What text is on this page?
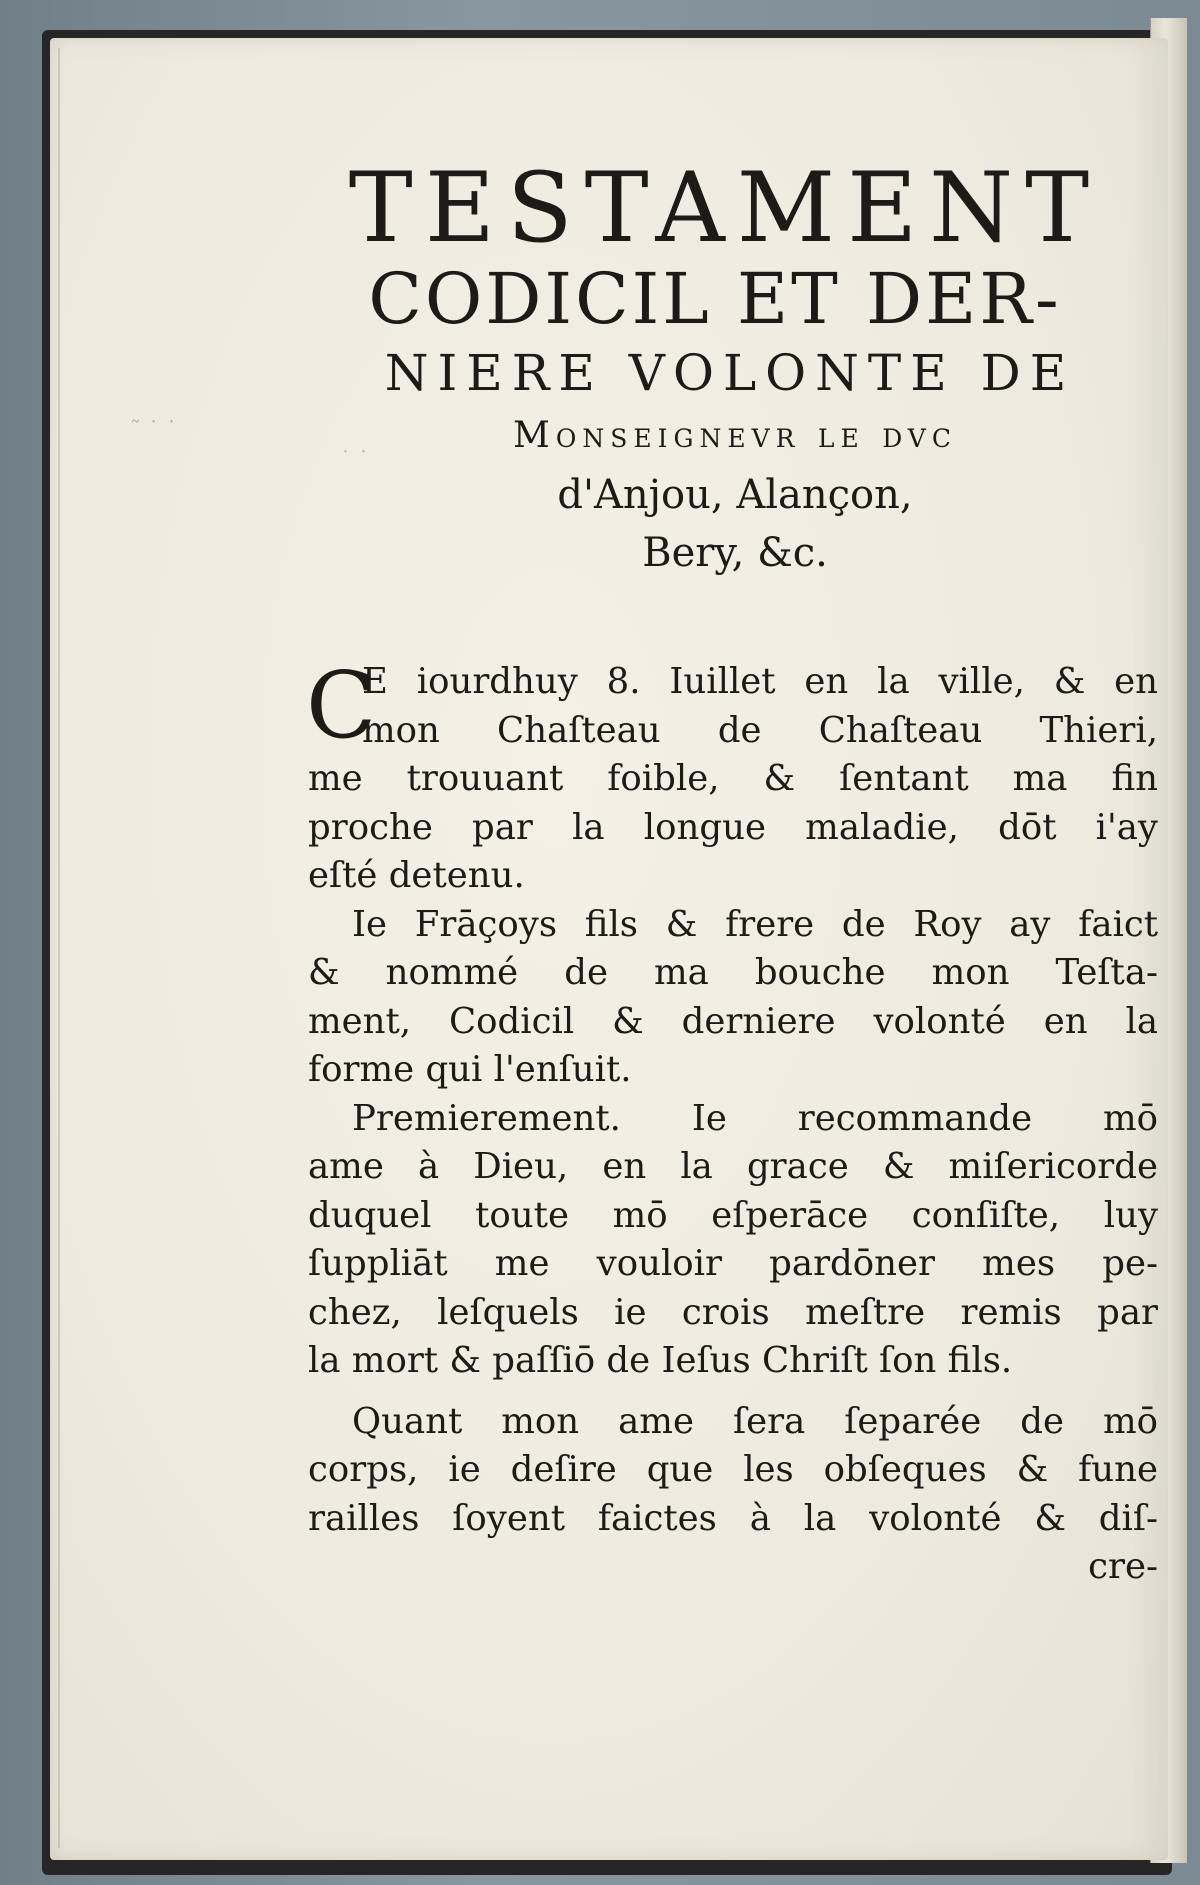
˜ ˙ ˙
˙ ˙
TESTAMENT
CODICIL ET DER-
NIERE VOLONTE DE
Monseignevr le dvc
d'Anjou, Alançon,
Bery, &c.
C
E iourdhuy 8. Iuillet en la ville, & en
mon Chaſteau de Chaſteau Thieri,
me trouuant foible, & ſentant ma fin
proche par la longue maladie, dōt i'ay
eſté detenu.
Ie Frāçoys fils & frere de Roy ay faict
& nommé de ma bouche mon Teſta-
ment, Codicil & derniere volonté en la
forme qui l'enſuit.
Premierement. Ie recommande mō
ame à Dieu, en la grace & miſericorde
duquel toute mō eſperāce conſiſte, luy
ſuppliāt me vouloir pardōner mes pe-
chez, leſquels ie crois meſtre remis par
la mort & paſſiō de Ieſus Chriſt ſon fils.
Quant mon ame ſera ſeparée de mō
corps, ie deſire que les obſeques & fune
railles ſoyent faictes à la volonté & diſ-
cre-
